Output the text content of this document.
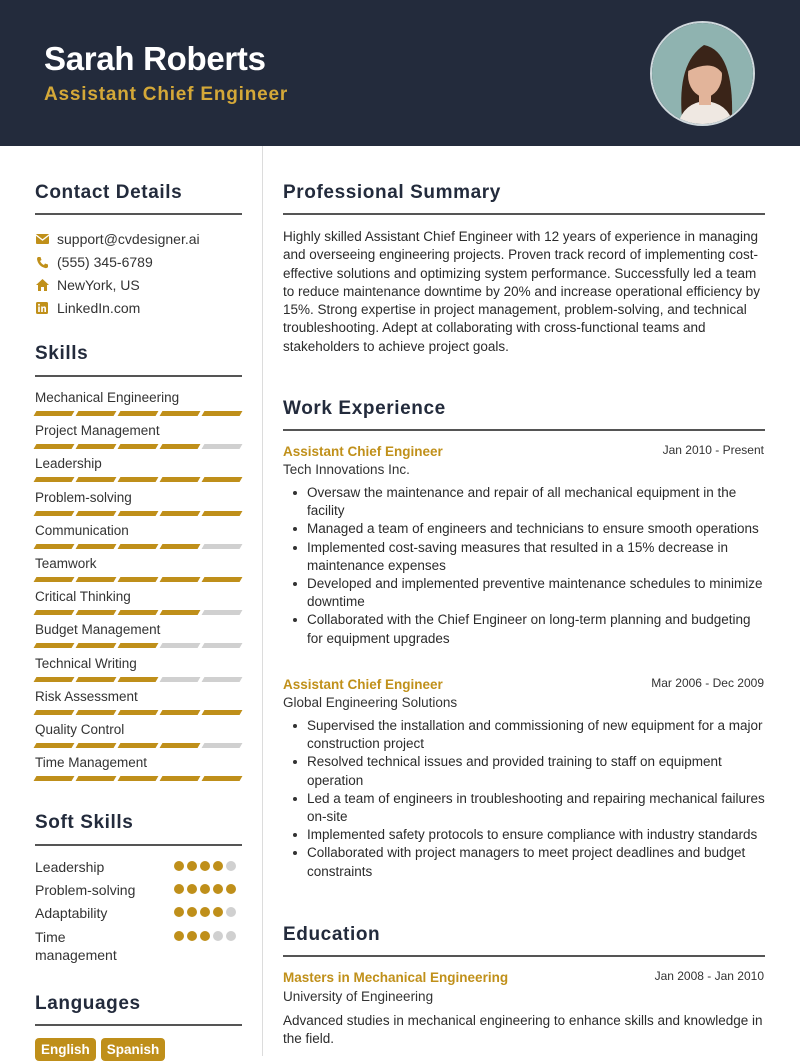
Sarah Roberts
Assistant Chief Engineer
Contact Details
support@cvdesigner.ai
(555) 345-6789
NewYork, US
LinkedIn.com
Skills
Mechanical Engineering
Project Management
Leadership
Problem-solving
Communication
Teamwork
Critical Thinking
Budget Management
Technical Writing
Risk Assessment
Quality Control
Time Management
Soft Skills
Leadership
Problem-solving
Adaptability
Time management
Languages
English	Spanish
Professional Summary
Highly skilled Assistant Chief Engineer with 12 years of experience in managing and overseeing engineering projects. Proven track record of implementing cost-effective solutions and optimizing system performance. Successfully led a team to reduce maintenance downtime by 20% and increase operational efficiency by 15%. Strong expertise in project management, problem-solving, and technical troubleshooting. Adept at collaborating with cross-functional teams and stakeholders to achieve project goals.
Work Experience
Assistant Chief Engineer	Jan 2010 - Present
Tech Innovations Inc.
Oversaw the maintenance and repair of all mechanical equipment in the facility
Managed a team of engineers and technicians to ensure smooth operations
Implemented cost-saving measures that resulted in a 15% decrease in maintenance expenses
Developed and implemented preventive maintenance schedules to minimize downtime
Collaborated with the Chief Engineer on long-term planning and budgeting for equipment upgrades
Assistant Chief Engineer	Mar 2006 - Dec 2009
Global Engineering Solutions
Supervised the installation and commissioning of new equipment for a major construction project
Resolved technical issues and provided training to staff on equipment operation
Led a team of engineers in troubleshooting and repairing mechanical failures on-site
Implemented safety protocols to ensure compliance with industry standards
Collaborated with project managers to meet project deadlines and budget constraints
Education
Masters in Mechanical Engineering	Jan 2008 - Jan 2010
University of Engineering
Advanced studies in mechanical engineering to enhance skills and knowledge in the field.
